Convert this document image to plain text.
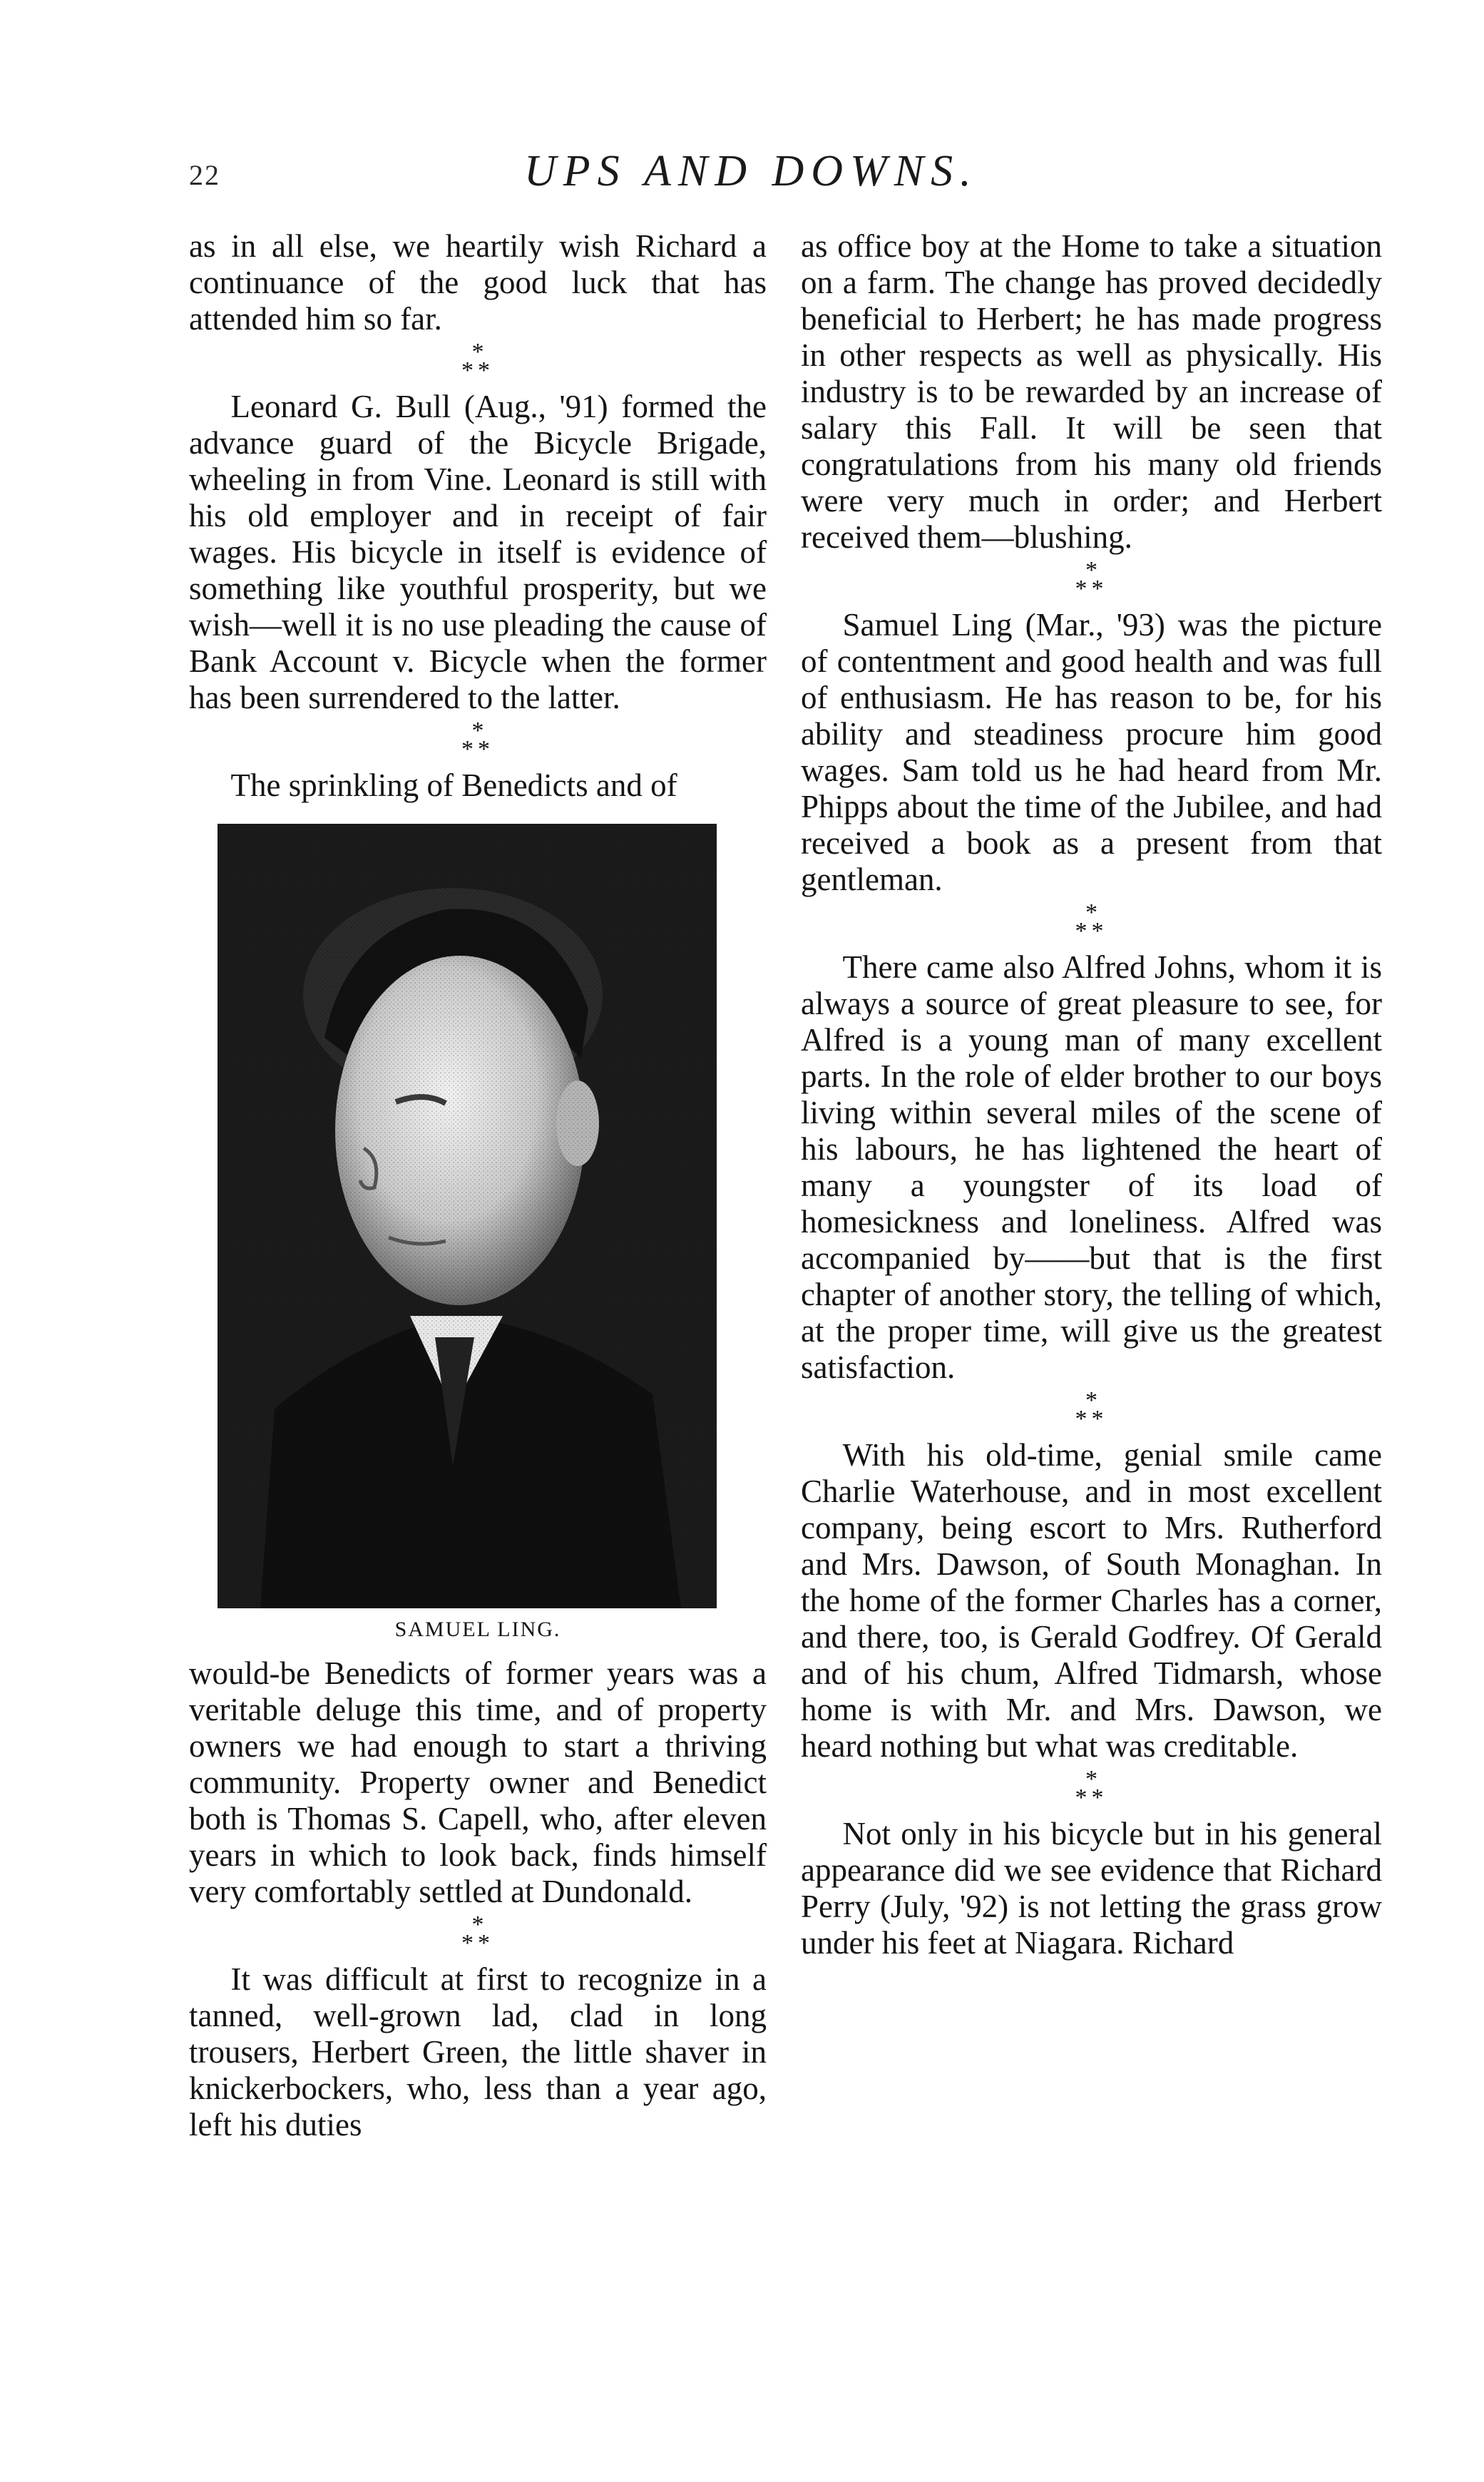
22	UPS AND DOWNS.

as in all else, we heartily wish Richard a continuance of the good luck that has attended him so far.

*
**

Leonard G. Bull (Aug., '91) formed the advance guard of the Bicycle Brigade, wheeling in from Vine. Leonard is still with his old employer and in receipt of fair wages. His bicycle in itself is evidence of something like youthful prosperity, but we wish—well it is no use pleading the cause of Bank Account v. Bicycle when the former has been surrendered to the latter.

*
**

The sprinkling of Benedicts and of

SAMUEL LING.

would-be Benedicts of former years was a veritable deluge this time, and of property owners we had enough to start a thriving community. Property owner and Benedict both is Thomas S. Capell, who, after eleven years in which to look back, finds himself very comfortably settled at Dundonald.

*
**

It was difficult at first to recognize in a tanned, well-grown lad, clad in long trousers, Herbert Green, the little shaver in knickerbockers, who, less than a year ago, left his duties

as office boy at the Home to take a situation on a farm. The change has proved decidedly beneficial to Herbert; he has made progress in other respects as well as physically. His industry is to be rewarded by an increase of salary this Fall. It will be seen that congratulations from his many old friends were very much in order; and Herbert received them—blushing.

*
**

Samuel Ling (Mar., '93) was the picture of contentment and good health and was full of enthusiasm. He has reason to be, for his ability and steadiness procure him good wages. Sam told us he had heard from Mr. Phipps about the time of the Jubilee, and had received a book as a present from that gentleman.

*
**

There came also Alfred Johns, whom it is always a source of great pleasure to see, for Alfred is a young man of many excellent parts. In the role of elder brother to our boys living within several miles of the scene of his labours, he has lightened the heart of many a youngster of its load of homesickness and loneliness. Alfred was accompanied by——but that is the first chapter of another story, the telling of which, at the proper time, will give us the greatest satisfaction.

*
**

With his old-time, genial smile came Charlie Waterhouse, and in most excellent company, being escort to Mrs. Rutherford and Mrs. Dawson, of South Monaghan. In the home of the former Charles has a corner, and there, too, is Gerald Godfrey. Of Gerald and of his chum, Alfred Tidmarsh, whose home is with Mr. and Mrs. Dawson, we heard nothing but what was creditable.

*
**

Not only in his bicycle but in his general appearance did we see evidence that Richard Perry (July, '92) is not letting the grass grow under his feet at Niagara. Richard
